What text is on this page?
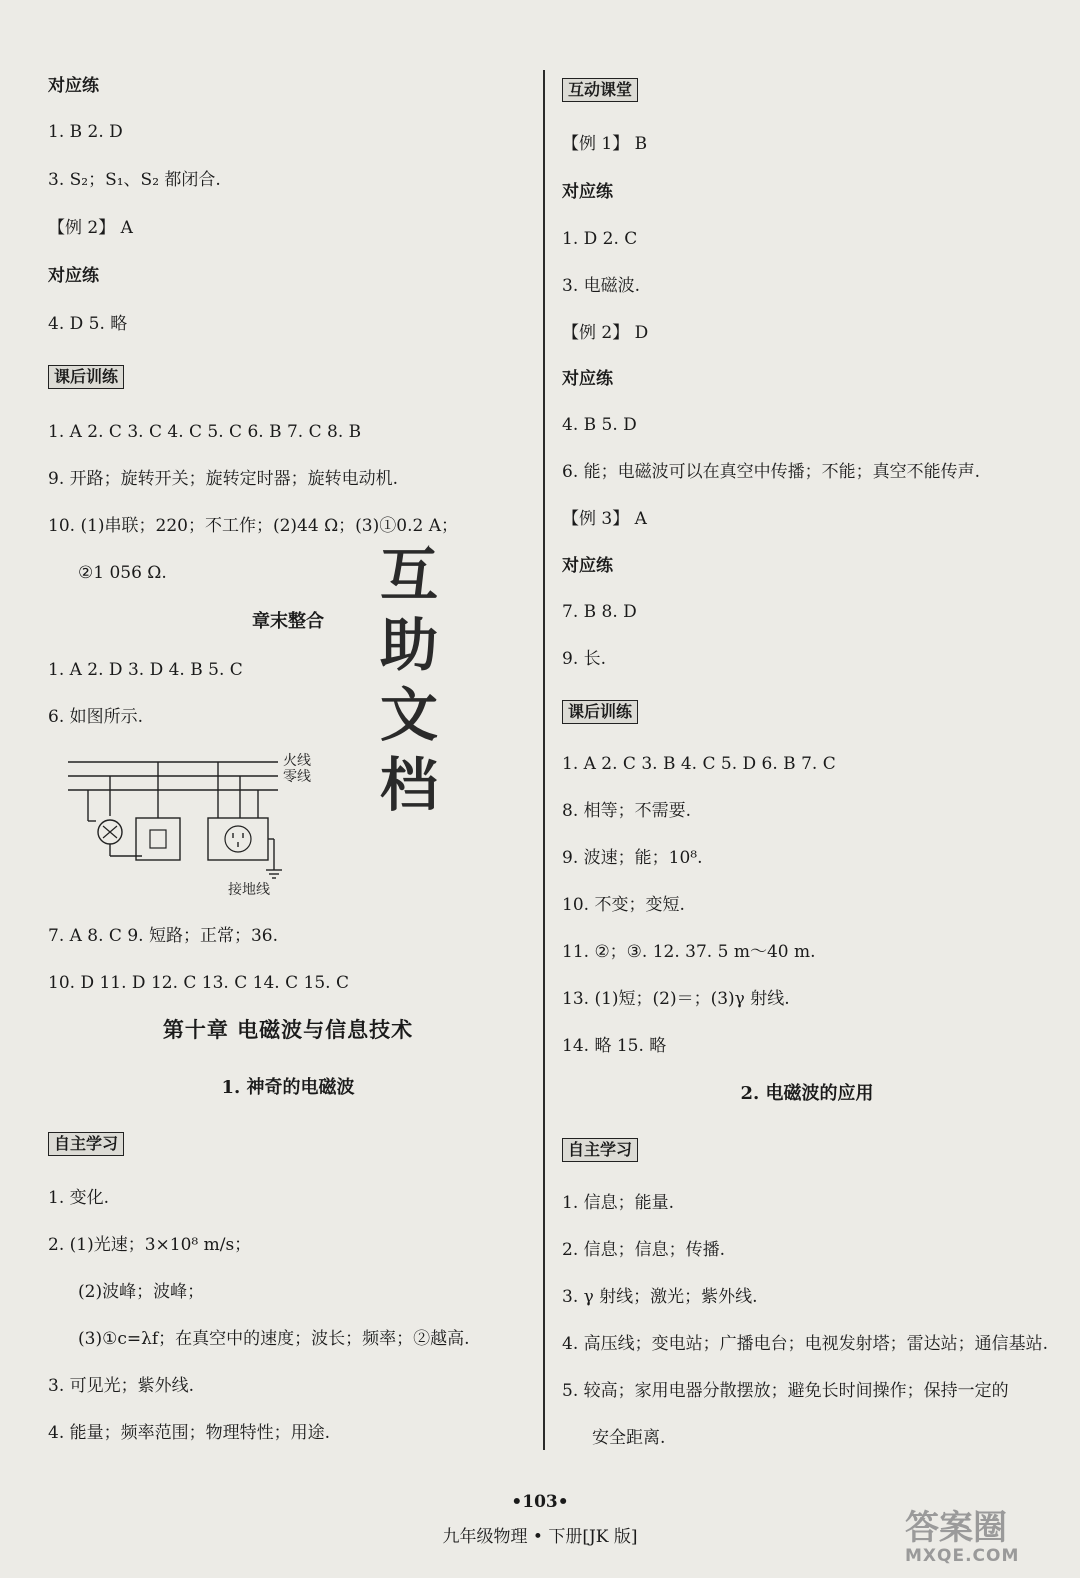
对应练
1. B 2. D
3. S₂；S₁、S₂ 都闭合.
【例 2】 A
对应练
4. D 5. 略
课后训练
1. A 2. C 3. C 4. C 5. C 6. B 7. C 8. B
9. 开路；旋转开关；旋转定时器；旋转电动机.
10. (1)串联；220；不工作；(2)44 Ω；(3)①0.2 A；
②1 056 Ω.
章末整合
1. A 2. D 3. D 4. B 5. C
6. 如图所示.
火线
零线
接地线
7. A 8. C 9. 短路；正常；36.
10. D 11. D 12. C 13. C 14. C 15. C
第十章 电磁波与信息技术
1. 神奇的电磁波
自主学习
1. 变化.
2. (1)光速；3×10⁸ m/s；
(2)波峰；波峰；
(3)①c=λf；在真空中的速度；波长；频率；②越高.
3. 可见光；紫外线.
4. 能量；频率范围；物理特性；用途.
互动课堂
【例 1】 B
对应练
1. D 2. C
3. 电磁波.
【例 2】 D
对应练
4. B 5. D
6. 能；电磁波可以在真空中传播；不能；真空不能传声.
【例 3】 A
对应练
7. B 8. D
9. 长.
课后训练
1. A 2. C 3. B 4. C 5. D 6. B 7. C
8. 相等；不需要.
9. 波速；能；10⁸.
10. 不变；变短.
11. ②；③. 12. 37. 5 m～40 m.
13. (1)短；(2)＝；(3)γ 射线.
14. 略 15. 略
2. 电磁波的应用
自主学习
1. 信息；能量.
2. 信息；信息；传播.
3. γ 射线；激光；紫外线.
4. 高压线；变电站；广播电台；电视发射塔；雷达站；通信基站.
5. 较高；家用电器分散摆放；避免长时间操作；保持一定的
安全距离.
互
助
文
档
•103•
九年级物理 • 下册[JK 版]	答案圈
MXQE.COM
